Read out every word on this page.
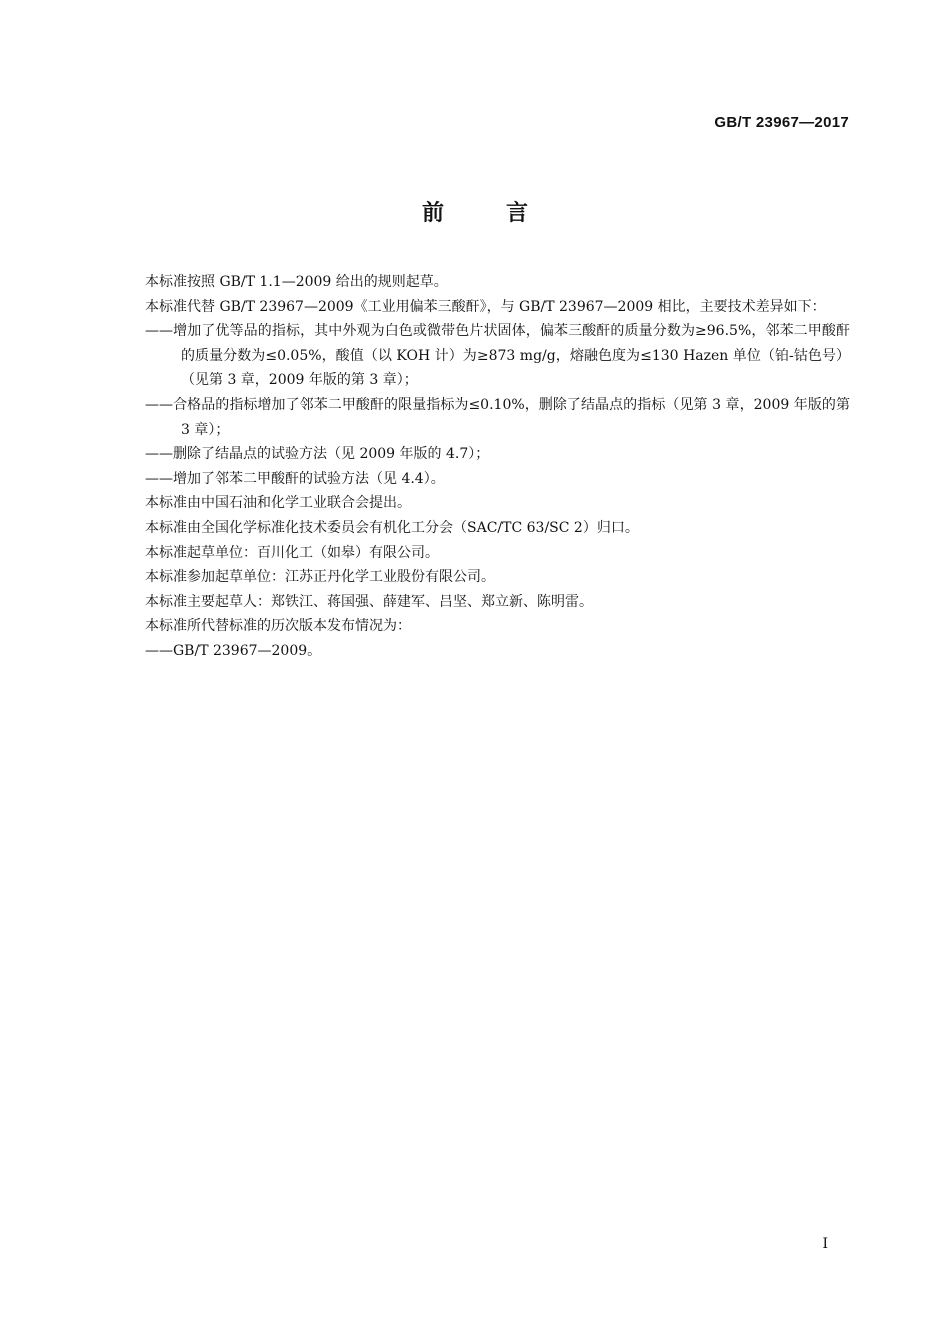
GB/T 23967—2017
前	言

本标准按照 GB/T 1.1—2009 给出的规则起草。

本标准代替 GB/T 23967—2009《工业用偏苯三酸酐》，与 GB/T 23967—2009 相比，主要技术差异如下：

——增加了优等品的指标，其中外观为白色或微带色片状固体，偏苯三酸酐的质量分数为≥96.5%，邻苯二甲酸酐的质量分数为≤0.05%，酸值（以 KOH 计）为≥873 mg/g，熔融色度为≤130 Hazen 单位（铂-钴色号）（见第 3 章，2009 年版的第 3 章）；

——合格品的指标增加了邻苯二甲酸酐的限量指标为≤0.10%，删除了结晶点的指标（见第 3 章，2009 年版的第 3 章）；

——删除了结晶点的试验方法（见 2009 年版的 4.7）；

——增加了邻苯二甲酸酐的试验方法（见 4.4）。

本标准由中国石油和化学工业联合会提出。

本标准由全国化学标准化技术委员会有机化工分会（SAC/TC 63/SC 2）归口。

本标准起草单位：百川化工（如皋）有限公司。

本标准参加起草单位：江苏正丹化学工业股份有限公司。

本标准主要起草人：郑铁江、蒋国强、薛建军、吕坚、郑立新、陈明雷。

本标准所代替标准的历次版本发布情况为：

——GB/T 23967—2009。

I
